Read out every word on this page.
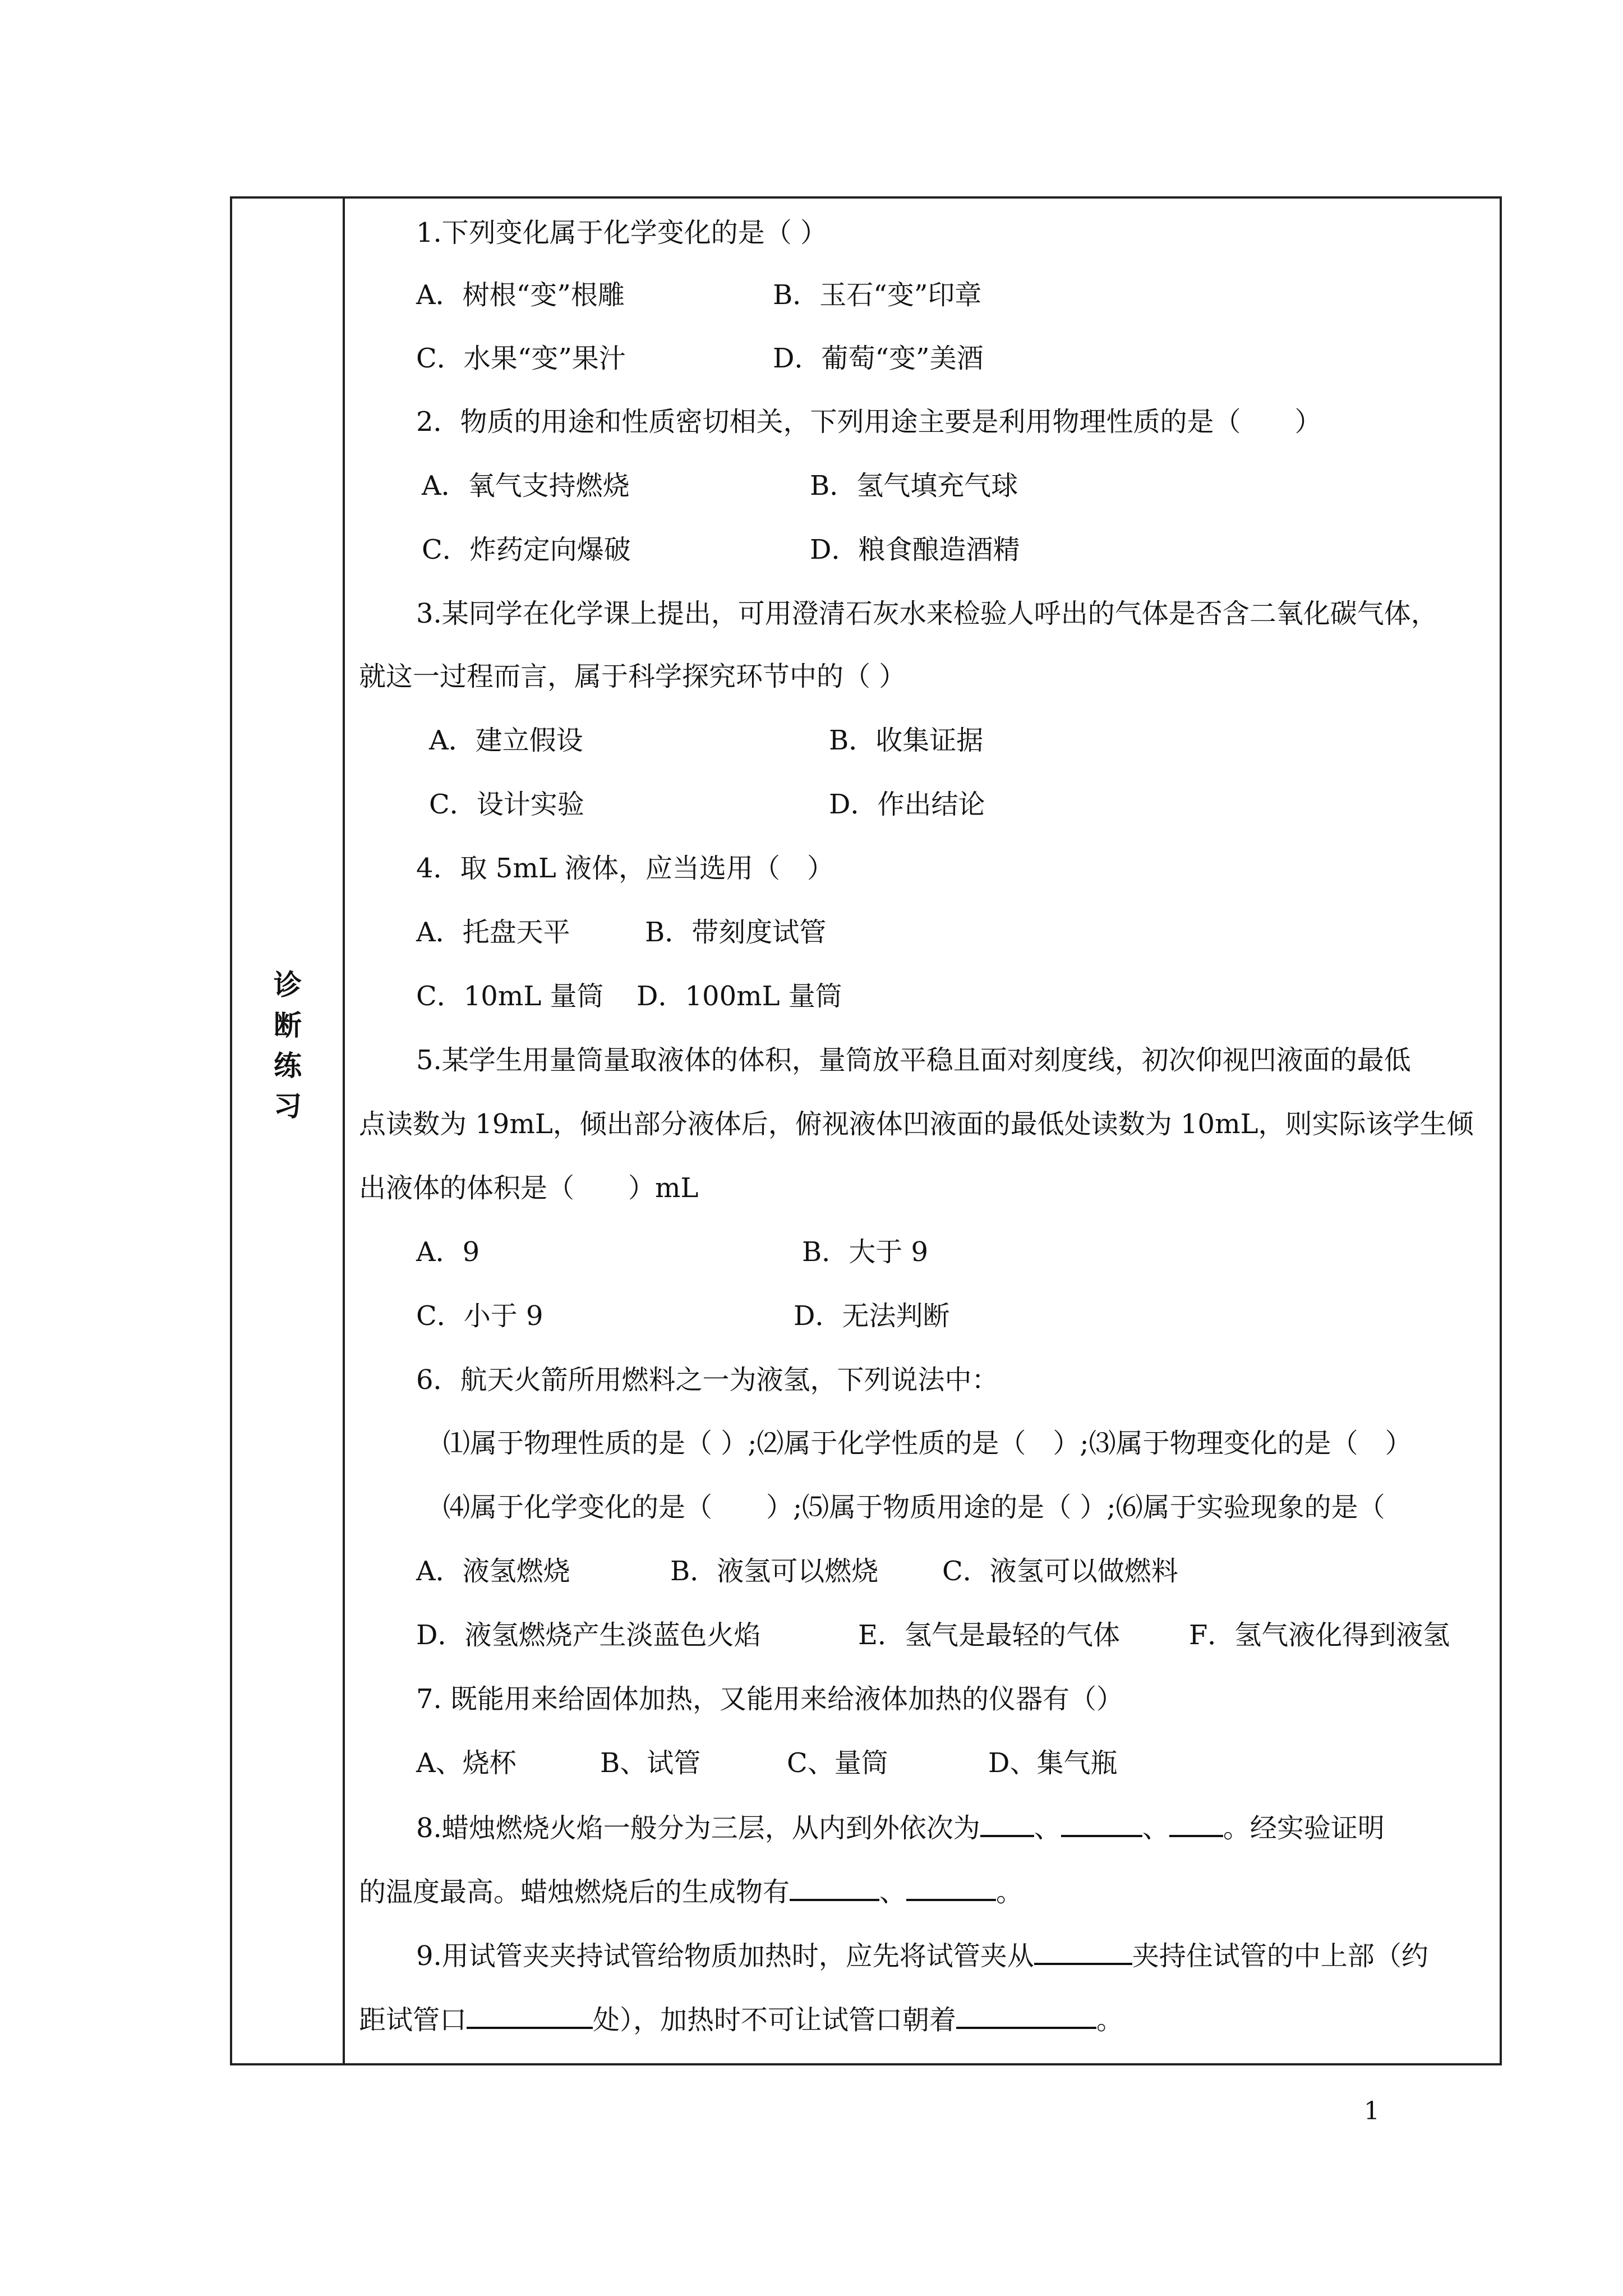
诊
断
练
习
1.下列变化属于化学变化的是（ ）
A．树根“变”根雕	B．玉石“变”印章
C．水果“变”果汁	D．葡萄“变”美酒
2．物质的用途和性质密切相关，下列用途主要是利用物理性质的是（　　）
A．氧气支持燃烧	B．氢气填充气球
C．炸药定向爆破	D．粮食酿造酒精
3.某同学在化学课上提出，可用澄清石灰水来检验人呼出的气体是否含二氧化碳气体，
就这一过程而言，属于科学探究环节中的（ ）
A．建立假设	B．收集证据
C．设计实验	D．作出结论
4．取 5mL 液体，应当选用（　）
A．托盘天平	B．带刻度试管
C．10mL 量筒 D．100mL 量筒
5.某学生用量筒量取液体的体积，量筒放平稳且面对刻度线，初次仰视凹液面的最低
点读数为 19mL，倾出部分液体后，俯视液体凹液面的最低处读数为 10mL，则实际该学生倾
出液体的体积是（　　）mL
A．9	B．大于 9
C．小于 9	D．无法判断
6．航天火箭所用燃料之一为液氢，下列说法中：
⑴属于物理性质的是（ ）;⑵属于化学性质的是（　）;⑶属于物理变化的是（　）
⑷属于化学变化的是（　　）;⑸属于物质用途的是（ ）;⑹属于实验现象的是（
A．液氢燃烧	B．液氢可以燃烧 C．液氢可以做燃料
D．液氢燃烧产生淡蓝色火焰	E．氢气是最轻的气体	F．氢气液化得到液氢
7. 既能用来给固体加热，又能用来给液体加热的仪器有（）
A、烧杯	B、试管	C、量筒	D、集气瓶
8.蜡烛燃烧火焰一般分为三层，从内到外依次为 、	、 。经实验证明
的温度最高。蜡烛燃烧后的生成物有	、	。
9.用试管夹夹持试管给物质加热时，应先将试管夹从	夹持住试管的中上部（约
距试管口	处），加热时不可让试管口朝着	。
1
